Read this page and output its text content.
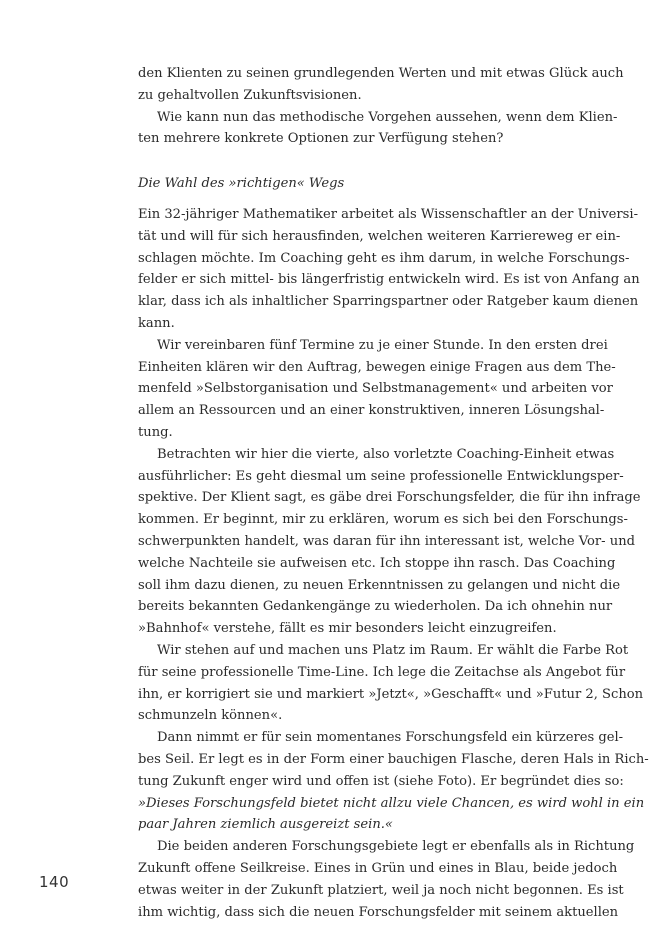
den Klienten zu seinen grundlegenden Werten und mit etwas Glück auch
zu gehaltvollen Zukunftsvisionen.
Wie kann nun das methodische Vorgehen aussehen, wenn dem Klien-
ten mehrere konkrete Optionen zur Verfügung stehen?
Die Wahl des »richtigen« Wegs
Ein 32-jähriger Mathematiker arbeitet als Wissenschaftler an der Universi-
tät und will für sich herausfinden, welchen weiteren Karriereweg er ein-
schlagen möchte. Im Coaching geht es ihm darum, in welche Forschungs-
felder er sich mittel- bis längerfristig entwickeln wird. Es ist von Anfang an
klar, dass ich als inhaltlicher Sparringspartner oder Ratgeber kaum dienen
kann.
Wir vereinbaren fünf Termine zu je einer Stunde. In den ersten drei
Einheiten klären wir den Auftrag, bewegen einige Fragen aus dem The-
menfeld »Selbstorganisation und Selbstmanagement« und arbeiten vor
allem an Ressourcen und an einer konstruktiven, inneren Lösungshal-
tung.
Betrachten wir hier die vierte, also vorletzte Coaching-Einheit etwas
ausführlicher: Es geht diesmal um seine professionelle Entwicklungsper-
spektive. Der Klient sagt, es gäbe drei Forschungsfelder, die für ihn infrage
kommen. Er beginnt, mir zu erklären, worum es sich bei den Forschungs-
schwerpunkten handelt, was daran für ihn interessant ist, welche Vor- und
welche Nachteile sie aufweisen etc. Ich stoppe ihn rasch. Das Coaching
soll ihm dazu dienen, zu neuen Erkenntnissen zu gelangen und nicht die
bereits bekannten Gedankengänge zu wiederholen. Da ich ohnehin nur
»Bahnhof« verstehe, fällt es mir besonders leicht einzugreifen.
Wir stehen auf und machen uns Platz im Raum. Er wählt die Farbe Rot
für seine professionelle Time-Line. Ich lege die Zeitachse als Angebot für
ihn, er korrigiert sie und markiert »Jetzt«, »Geschafft« und »Futur 2, Schon
schmunzeln können«.
Dann nimmt er für sein momentanes Forschungsfeld ein kürzeres gel-
bes Seil. Er legt es in der Form einer bauchigen Flasche, deren Hals in Rich-
tung Zukunft enger wird und offen ist (siehe Foto). Er begründet dies so:
»Dieses Forschungsfeld bietet nicht allzu viele Chancen, es wird wohl in ein
paar Jahren ziemlich ausgereizt sein.«
Die beiden anderen Forschungsgebiete legt er ebenfalls als in Richtung
Zukunft offene Seilkreise. Eines in Grün und eines in Blau, beide jedoch
etwas weiter in der Zukunft platziert, weil ja noch nicht begonnen. Es ist
ihm wichtig, dass sich die neuen Forschungsfelder mit seinem aktuellen
140
